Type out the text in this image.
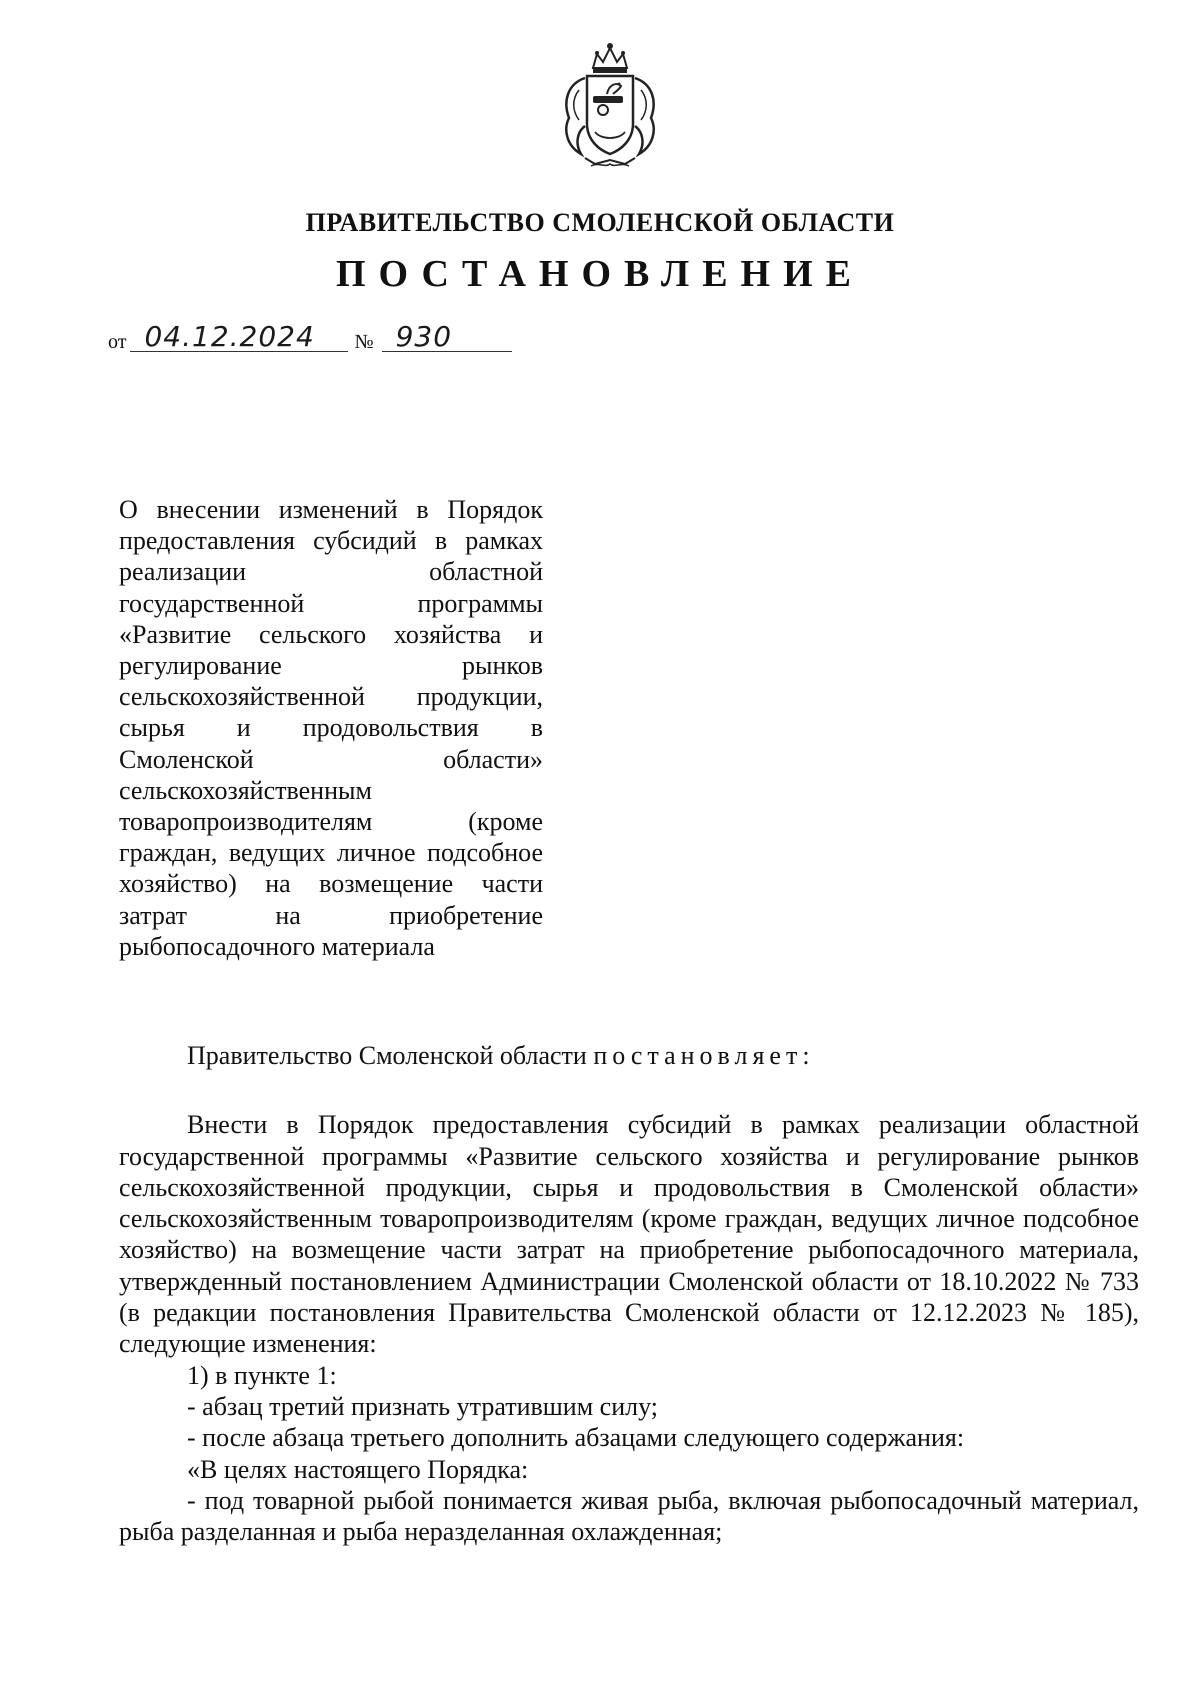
ПРАВИТЕЛЬСТВО СМОЛЕНСКОЙ ОБЛАСТИ
ПОСТАНОВЛЕНИЕ
от 04.12.2024	№ 930
О внесении изменений в Порядок предоставления субсидий в рамках реализации областной государственной программы «Развитие сельского хозяйства и регулирование рынков сельскохозяйственной продукции, сырья и продовольствия в Смоленской области» сельскохозяйственным товаропроизводителям (кроме граждан, ведущих личное подсобное хозяйство) на возмещение части затрат на приобретение рыбопосадочного материала

Правительство Смоленской области постановляет:

Внести в Порядок предоставления субсидий в рамках реализации областной государственной программы «Развитие сельского хозяйства и регулирование рынков сельскохозяйственной продукции, сырья и продовольствия в Смоленской области» сельскохозяйственным товаропроизводителям (кроме граждан, ведущих личное подсобное хозяйство) на возмещение части затрат на приобретение рыбопосадочного материала, утвержденный постановлением Администрации Смоленской области от 18.10.2022 № 733 (в редакции постановления Правительства Смоленской области от 12.12.2023 № 185), следующие изменения:

1) в пункте 1:

- абзац третий признать утратившим силу;

- после абзаца третьего дополнить абзацами следующего содержания:

«В целях настоящего Порядка:

- под товарной рыбой понимается живая рыба, включая рыбопосадочный материал, рыба разделанная и рыба неразделанная охлажденная;
